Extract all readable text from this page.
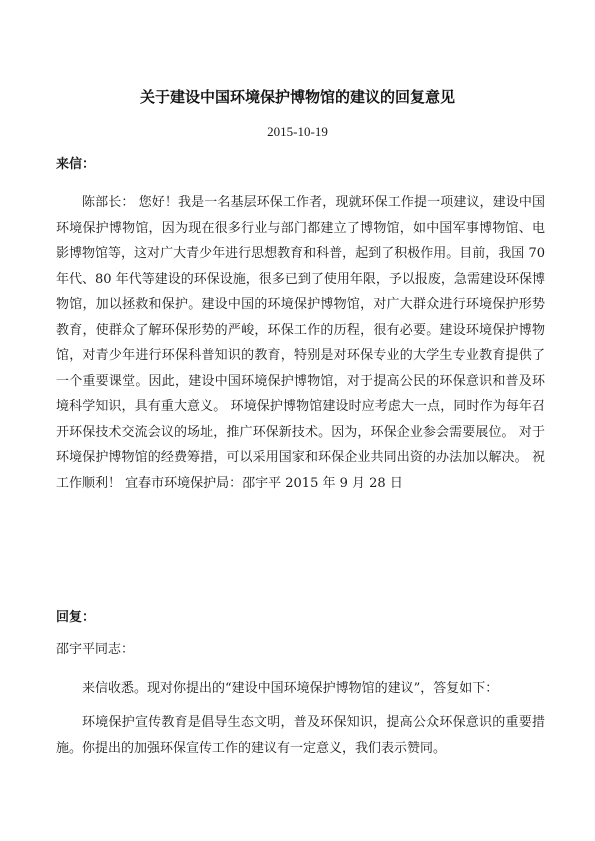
关于建设中国环境保护博物馆的建议的回复意见
2015-10-19
来信：

陈部长： 您好！我是一名基层环保工作者，现就环保工作提一项建议，建设中国环境保护博物馆，因为现在很多行业与部门都建立了博物馆，如中国军事博物馆、电影博物馆等，这对广大青少年进行思想教育和科普，起到了积极作用。目前，我国 70 年代、80 年代等建设的环保设施，很多已到了使用年限，予以报废，急需建设环保博物馆，加以拯救和保护。建设中国的环境保护博物馆，对广大群众进行环境保护形势教育，使群众了解环保形势的严峻，环保工作的历程，很有必要。建设环境保护博物馆，对青少年进行环保科普知识的教育，特别是对环保专业的大学生专业教育提供了一个重要课堂。因此，建设中国环境保护博物馆，对于提高公民的环保意识和普及环境科学知识，具有重大意义。 环境保护博物馆建设时应考虑大一点，同时作为每年召开环保技术交流会议的场址，推广环保新技术。因为，环保企业参会需要展位。 对于环境保护博物馆的经费筹措，可以采用国家和环保企业共同出资的办法加以解决。 祝工作顺利！ 宜春市环境保护局：邵宇平 2015 年 9 月 28 日

回复：
邵宇平同志：

来信收悉。现对你提出的“建设中国环境保护博物馆的建议”，答复如下：

环境保护宣传教育是倡导生态文明，普及环保知识，提高公众环保意识的重要措施。你提出的加强环保宣传工作的建议有一定意义，我们表示赞同。
